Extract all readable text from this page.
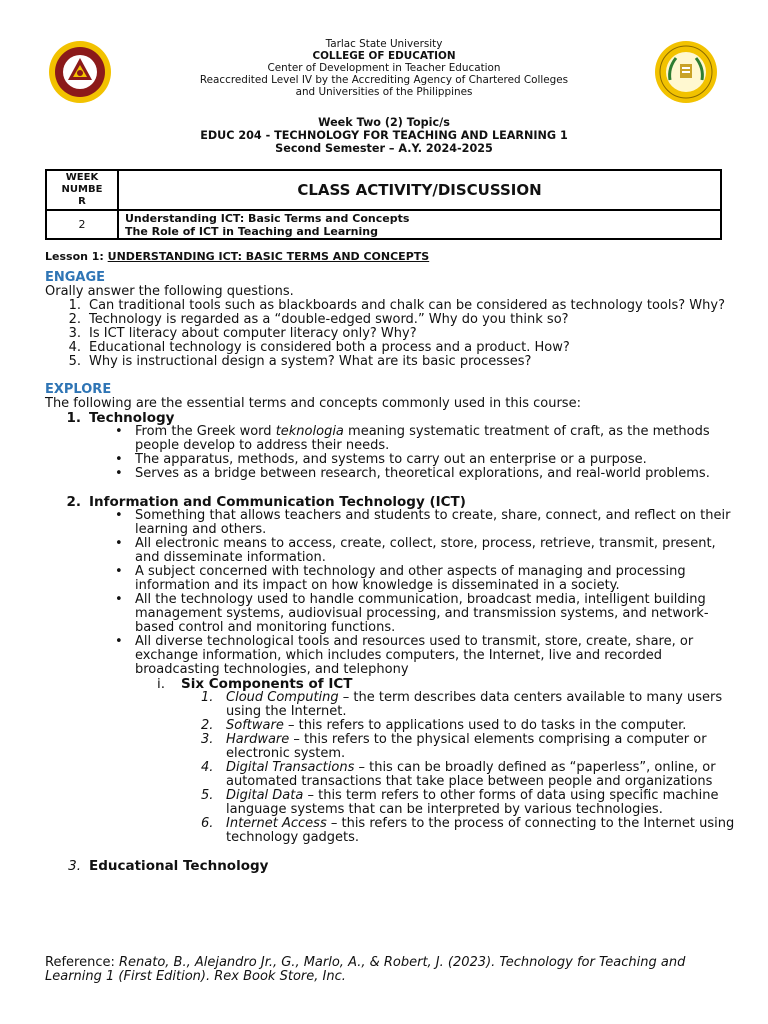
Tarlac State University
COLLEGE OF EDUCATION
Center of Development in Teacher Education
Reaccredited Level IV by the Accrediting Agency of Chartered Colleges
and Universities of the Philippines
Week Two (2) Topic/s
EDUC 204 - TECHNOLOGY FOR TEACHING AND LEARNING 1
Second Semester – A.Y. 2024-2025
WEEK
NUMBE
R	CLASS ACTIVITY/DISCUSSION
2	Understanding ICT: Basic Terms and Concepts
The Role of ICT in Teaching and Learning
Lesson 1: UNDERSTANDING ICT: BASIC TERMS AND CONCEPTS
ENGAGE
Orally answer the following questions.
1. Can traditional tools such as blackboards and chalk can be considered as technology tools? Why?
2. Technology is regarded as a “double-edged sword.” Why do you think so?
3. Is ICT literacy about computer literacy only? Why?
4. Educational technology is considered both a process and a product. How?
5. Why is instructional design a system? What are its basic processes?
EXPLORE
The following are the essential terms and concepts commonly used in this course:
1. Technology
• From the Greek word teknologia meaning systematic treatment of craft, as the methods people develop to address their needs.
• The apparatus, methods, and systems to carry out an enterprise or a purpose.
• Serves as a bridge between research, theoretical explorations, and real-world problems.
2. Information and Communication Technology (ICT)
• Something that allows teachers and students to create, share, connect, and reflect on their learning and others.
• All electronic means to access, create, collect, store, process, retrieve, transmit, present, and disseminate information.
• A subject concerned with technology and other aspects of managing and processing information and its impact on how knowledge is disseminated in a society.
• All the technology used to handle communication, broadcast media, intelligent building management systems, audiovisual processing, and transmission systems, and network-based control and monitoring functions.
• All diverse technological tools and resources used to transmit, store, create, share, or exchange information, which includes computers, the Internet, live and recorded broadcasting technologies, and telephony
i.	Six Components of ICT
1. Cloud Computing – the term describes data centers available to many users using the Internet.
2. Software – this refers to applications used to do tasks in the computer.
3. Hardware – this refers to the physical elements comprising a computer or electronic system.
4. Digital Transactions – this can be broadly defined as “paperless”, online, or automated transactions that take place between people and organizations
5. Digital Data – this term refers to other forms of data using specific machine language systems that can be interpreted by various technologies.
6. Internet Access – this refers to the process of connecting to the Internet using technology gadgets.
3. Educational Technology
Reference: Renato, B., Alejandro Jr., G., Marlo, A., & Robert, J. (2023). Technology for Teaching and Learning 1 (First Edition). Rex Book Store, Inc.
